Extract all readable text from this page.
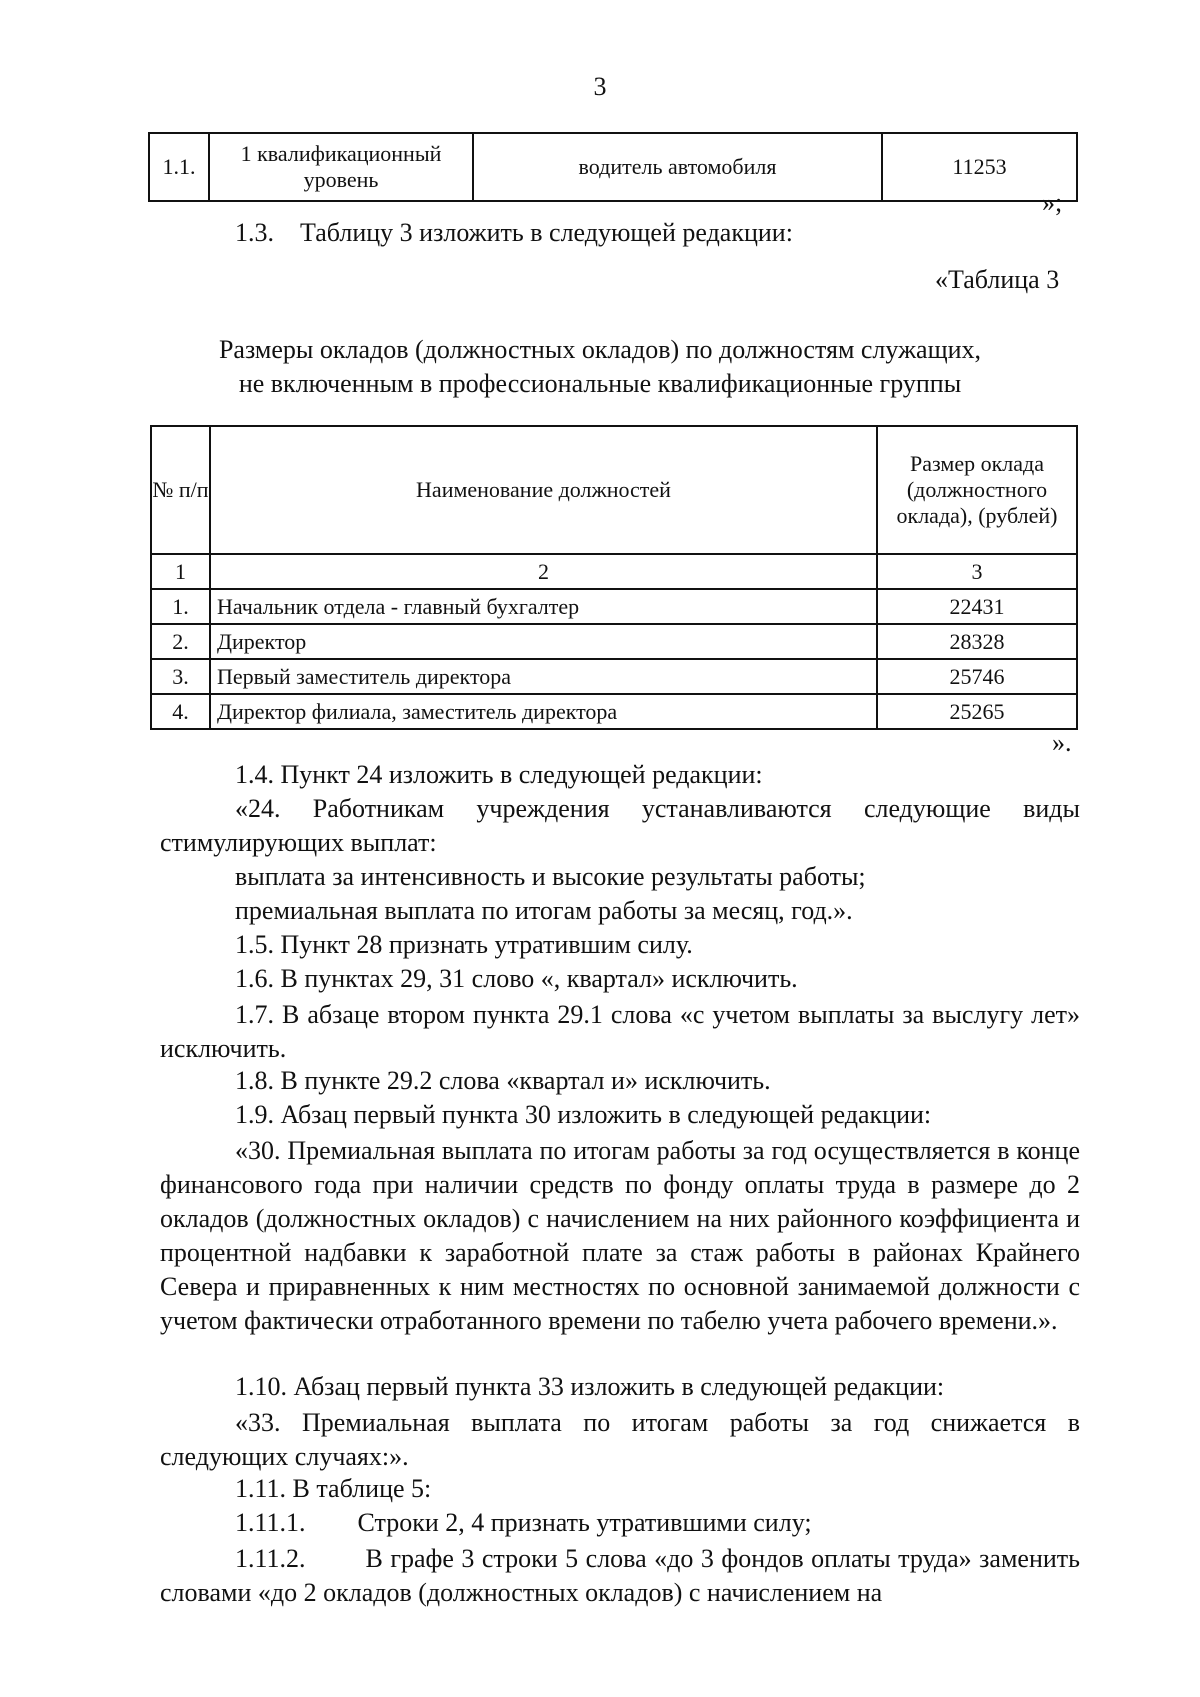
3
1.1.	1 квалификационный уровень	водитель автомобиля	11253
»;
1.3. Таблицу 3 изложить в следующей редакции:
«Таблица 3
Размеры окладов (должностных окладов) по должностям служащих,
не включенным в профессиональные квалификационные группы
№ п/п	Наименование должностей	Размер оклада (должностного оклада), (рублей)
1	2	3
1.	Начальник отдела - главный бухгалтер	22431
2.	Директор	28328
3.	Первый заместитель директора	25746
4.	Директор филиала, заместитель директора	25265
».
1.4. Пункт 24 изложить в следующей редакции:
«24. Работникам учреждения устанавливаются следующие виды стимулирующих выплат:
выплата за интенсивность и высокие результаты работы;
премиальная выплата по итогам работы за месяц, год.».
1.5. Пункт 28 признать утратившим силу.
1.6. В пунктах 29, 31 слово «, квартал» исключить.
1.7. В абзаце втором пункта 29.1 слова «с учетом выплаты за выслугу лет» исключить.
1.8. В пункте 29.2 слова «квартал и» исключить.
1.9. Абзац первый пункта 30 изложить в следующей редакции:
«30. Премиальная выплата по итогам работы за год осуществляется в конце финансового года при наличии средств по фонду оплаты труда в размере до 2 окладов (должностных окладов) с начислением на них районного коэффициента и процентной надбавки к заработной плате за стаж работы в районах Крайнего Севера и приравненных к ним местностях по основной занимаемой должности с учетом фактически отработанного времени по табелю учета рабочего времени.».
1.10. Абзац первый пункта 33 изложить в следующей редакции:
«33. Премиальная выплата по итогам работы за год снижается в следующих случаях:».
1.11. В таблице 5:
1.11.1.        Строки 2, 4 признать утратившими силу;
1.11.2.        В графе 3 строки 5 слова «до 3 фондов оплаты труда» заменить словами «до 2 окладов (должностных окладов) с начислением на
